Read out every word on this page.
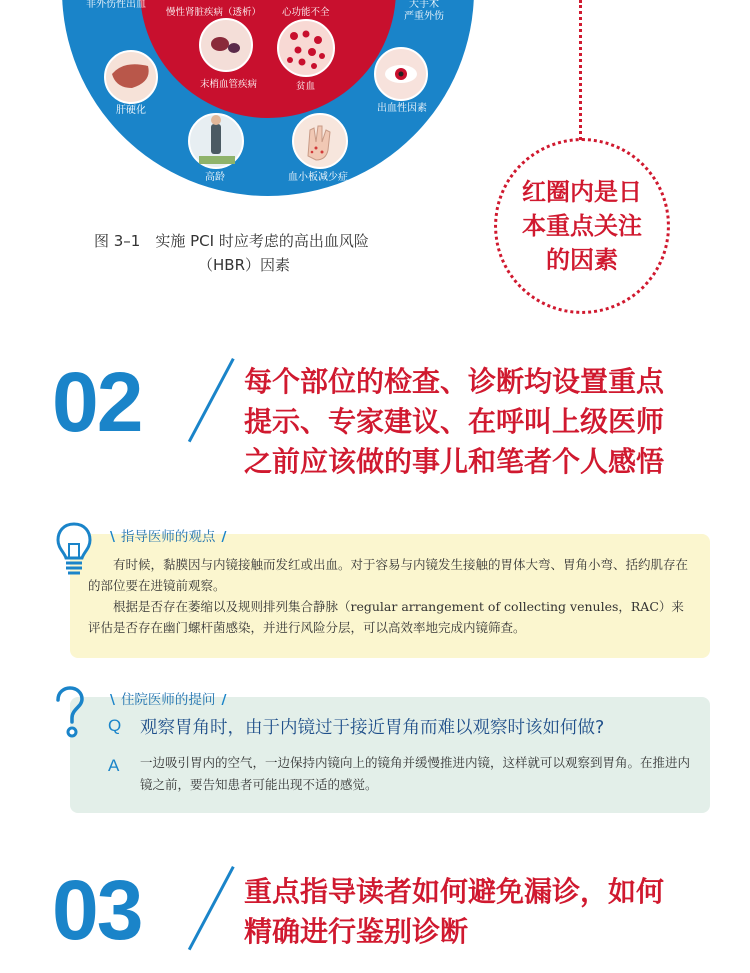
非外伤性出血
肝硬化
高龄	血小板减少症
出血性因素
大手术
严重外伤
慢性肾脏疾病（透析） 心功能不全
末梢血管疾病	贫血
图 3–1　实施 PCI 时应考虑的高出血风险
（HBR）因素
红圈内是日本重点关注的因素
02	每个部位的检查、诊断均设置重点
提示、专家建议、在呼叫上级医师
之前应该做的事儿和笔者个人感悟
\ 指导医师的观点 /

有时候，黏膜因与内镜接触而发红或出血。对于容易与内镜发生接触的胃体大弯、胃角小弯、括约肌存在的部位要在进镜前观察。

根据是否存在萎缩以及规则排列集合静脉（regular arrangement of collecting venules，RAC）来评估是否存在幽门螺杆菌感染，并进行风险分层，可以高效率地完成内镜筛查。

\ 住院医师的提问 /
Q 观察胃角时，由于内镜过于接近胃角而难以观察时该如何做?
A 一边吸引胃内的空气，一边保持内镜向上的镜角并缓慢推进内镜，这样就可以观察到胃角。在推进内镜之前，要告知患者可能出现不适的感觉。
03	重点指导读者如何避免漏诊，如何
精确进行鉴别诊断
